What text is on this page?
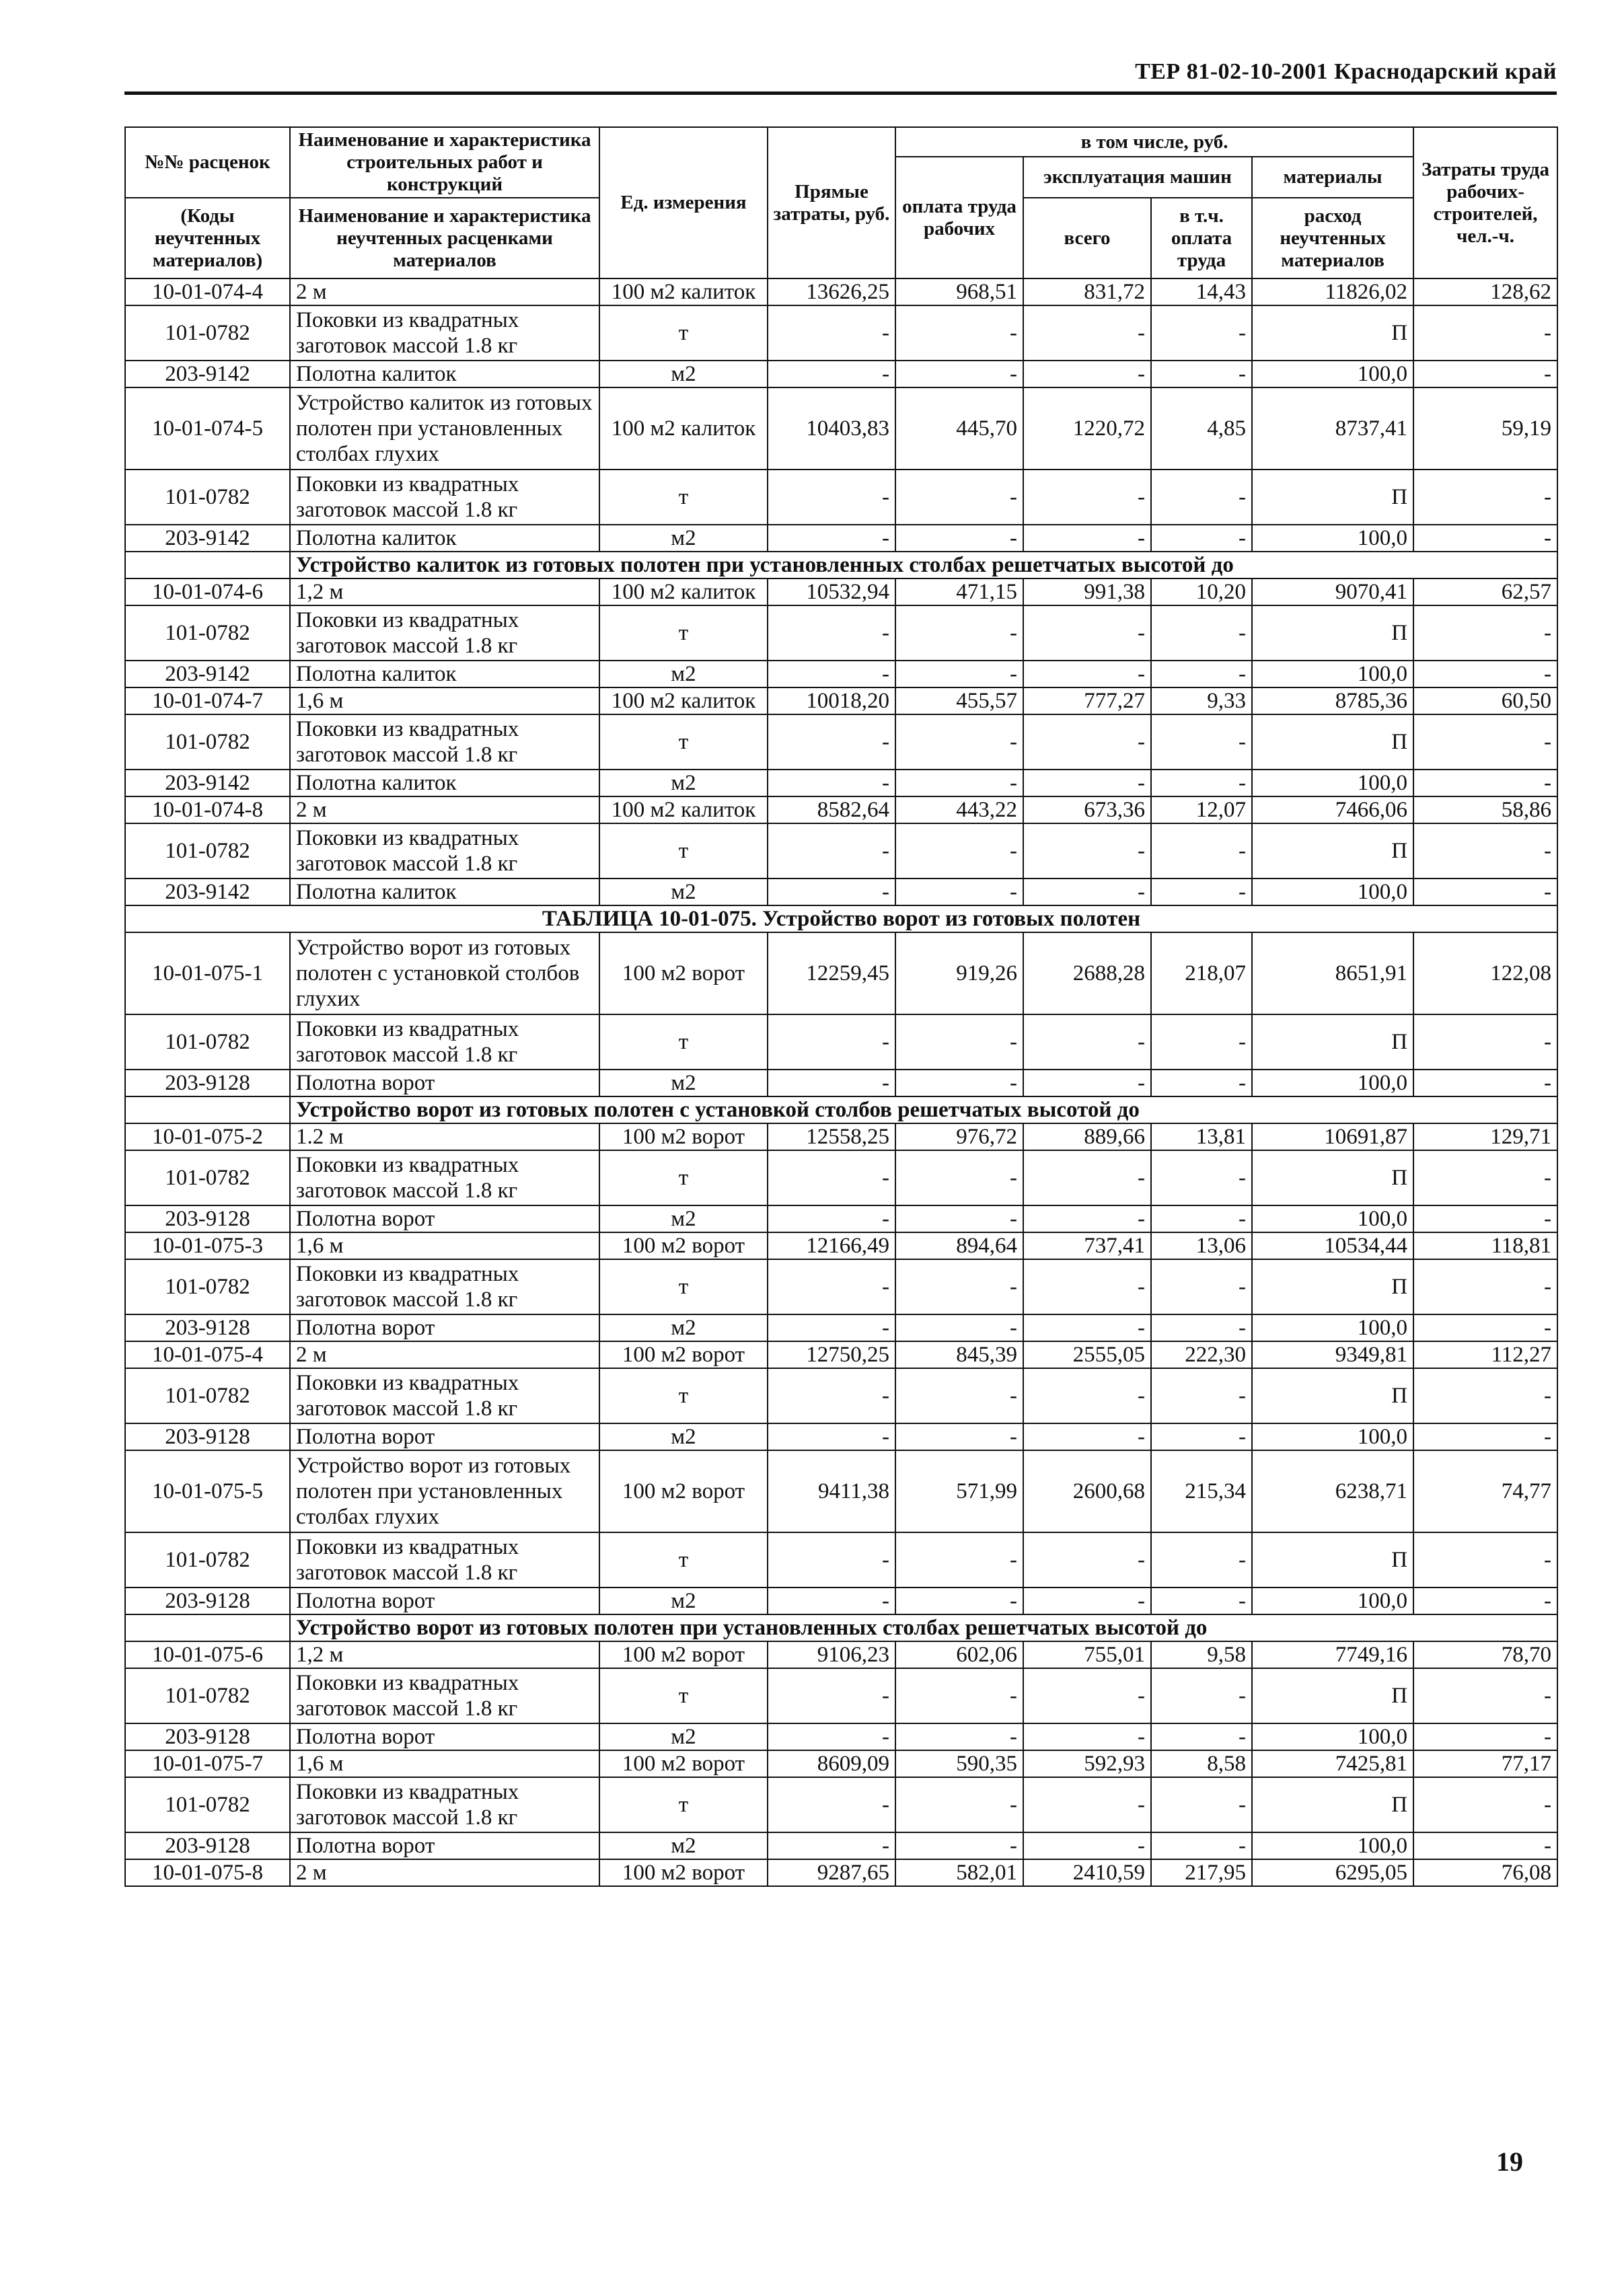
ТЕР 81-02-10-2001 Краснодарский край
№№ расценок	Наименование и характеристика строительных работ и конструкций	Ед. измерения	Прямые затраты, руб.	в том числе, руб.				Затраты труда рабочих-строителей, чел.-ч.
				оплата труда рабочих	эксплуатация машин		материалы	
(Коды неучтенных материалов)	Наименование и характеристика неучтенных расценками материалов				всего	в т.ч. оплата труда	расход неучтенных материалов	
10-01-074-4	2 м	100 м2 калиток	13626,25	968,51	831,72	14,43	11826,02	128,62
101-0782	Поковки из квадратных заготовок массой 1.8 кг	т	-	-	-	-	П	-
203-9142	Полотна калиток	м2	-	-	-	-	100,0	-
10-01-074-5	Устройство калиток из готовых полотен при установленных столбах глухих	100 м2 калиток	10403,83	445,70	1220,72	4,85	8737,41	59,19
101-0782	Поковки из квадратных заготовок массой 1.8 кг	т	-	-	-	-	П	-
203-9142	Полотна калиток	м2	-	-	-	-	100,0	-
	Устройство калиток из готовых полотен при установленных столбах решетчатых высотой до							
10-01-074-6	1,2 м	100 м2 калиток	10532,94	471,15	991,38	10,20	9070,41	62,57
101-0782	Поковки из квадратных заготовок массой 1.8 кг	т	-	-	-	-	П	-
203-9142	Полотна калиток	м2	-	-	-	-	100,0	-
10-01-074-7	1,6 м	100 м2 калиток	10018,20	455,57	777,27	9,33	8785,36	60,50
101-0782	Поковки из квадратных заготовок массой 1.8 кг	т	-	-	-	-	П	-
203-9142	Полотна калиток	м2	-	-	-	-	100,0	-
10-01-074-8	2 м	100 м2 калиток	8582,64	443,22	673,36	12,07	7466,06	58,86
101-0782	Поковки из квадратных заготовок массой 1.8 кг	т	-	-	-	-	П	-
203-9142	Полотна калиток	м2	-	-	-	-	100,0	-
ТАБЛИЦА 10-01-075. Устройство ворот из готовых полотен								
10-01-075-1	Устройство ворот из готовых полотен с установкой столбов глухих	100 м2 ворот	12259,45	919,26	2688,28	218,07	8651,91	122,08
101-0782	Поковки из квадратных заготовок массой 1.8 кг	т	-	-	-	-	П	-
203-9128	Полотна ворот	м2	-	-	-	-	100,0	-
	Устройство ворот из готовых полотен с установкой столбов решетчатых высотой до							
10-01-075-2	1.2 м	100 м2 ворот	12558,25	976,72	889,66	13,81	10691,87	129,71
101-0782	Поковки из квадратных заготовок массой 1.8 кг	т	-	-	-	-	П	-
203-9128	Полотна ворот	м2	-	-	-	-	100,0	-
10-01-075-3	1,6 м	100 м2 ворот	12166,49	894,64	737,41	13,06	10534,44	118,81
101-0782	Поковки из квадратных заготовок массой 1.8 кг	т	-	-	-	-	П	-
203-9128	Полотна ворот	м2	-	-	-	-	100,0	-
10-01-075-4	2 м	100 м2 ворот	12750,25	845,39	2555,05	222,30	9349,81	112,27
101-0782	Поковки из квадратных заготовок массой 1.8 кг	т	-	-	-	-	П	-
203-9128	Полотна ворот	м2	-	-	-	-	100,0	-
10-01-075-5	Устройство ворот из готовых полотен при установленных столбах глухих	100 м2 ворот	9411,38	571,99	2600,68	215,34	6238,71	74,77
101-0782	Поковки из квадратных заготовок массой 1.8 кг	т	-	-	-	-	П	-
203-9128	Полотна ворот	м2	-	-	-	-	100,0	-
	Устройство ворот из готовых полотен при установленных столбах решетчатых высотой до							
10-01-075-6	1,2 м	100 м2 ворот	9106,23	602,06	755,01	9,58	7749,16	78,70
101-0782	Поковки из квадратных заготовок массой 1.8 кг	т	-	-	-	-	П	-
203-9128	Полотна ворот	м2	-	-	-	-	100,0	-
10-01-075-7	1,6 м	100 м2 ворот	8609,09	590,35	592,93	8,58	7425,81	77,17
101-0782	Поковки из квадратных заготовок массой 1.8 кг	т	-	-	-	-	П	-
203-9128	Полотна ворот	м2	-	-	-	-	100,0	-
10-01-075-8	2 м	100 м2 ворот	9287,65	582,01	2410,59	217,95	6295,05	76,08
19
